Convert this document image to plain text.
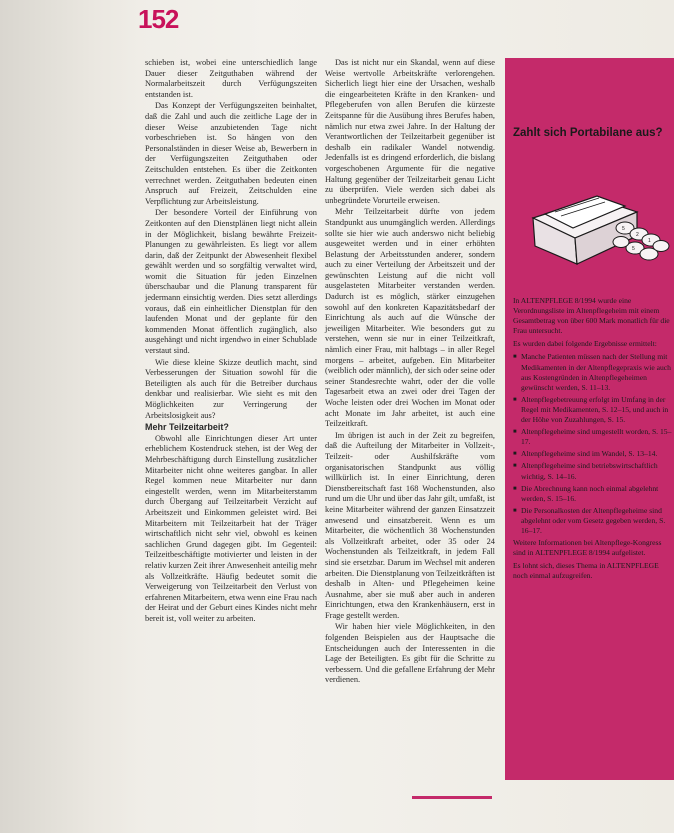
152

schieben ist, wobei eine unterschiedlich lange Dauer dieser Zeitguthaben während der Normalarbeitszeit durch Verfügungszeiten entstanden ist.

Das Konzept der Verfügungszeiten beinhaltet, daß die Zahl und auch die zeitliche Lage der in dieser Weise anzubietenden Tage nicht vorbeschrieben ist. So hängen von den Personalständen in dieser Weise ab, Bewerbern in der Verfügungszeiten Zeitguthaben oder Zeitschulden entstehen. Es über die Zeitkonten verrechnet werden. Zeitguthaben bedeuten einen Anspruch auf Freizeit, Zeitschulden eine Verpflichtung zur Arbeitsleistung.

Der besondere Vorteil der Einführung von Zeitkonten auf den Dienstplänen liegt nicht allein in der Möglichkeit, bislang bewährte Freizeit-Planungen zu gewährleisten. Es liegt vor allem darin, daß der Zeitpunkt der Abwesenheit flexibel gewählt werden und so sorgfältig verwaltet wird, womit die Situation für jeden Einzelnen überschaubar und die Planung transparent für jedermann einsichtig werden. Dies setzt allerdings voraus, daß ein einheitlicher Dienstplan für den laufenden Monat und der geplante für den kommenden Monat öffentlich zugänglich, also ausgehängt und nicht irgendwo in einer Schublade verstaut sind.

Wie diese kleine Skizze deutlich macht, sind Verbesserungen der Situation sowohl für die Beteiligten als auch für die Betreiber durchaus denkbar und realisierbar. Wie sieht es mit den Möglichkeiten zur Verringerung der Arbeitslosigkeit aus?

Mehr Teilzeitarbeit?

Obwohl alle Einrichtungen dieser Art unter erheblichem Kostendruck stehen, ist der Weg der Mehrbeschäftigung durch Einstellung zusätzlicher Mitarbeiter nicht ohne weiteres gangbar. In aller Regel kommen neue Mitarbeiter nur dann eingestellt werden, wenn im Mitarbeiterstamm durch Übergang auf Teilzeitarbeit Verzicht auf Arbeitszeit und Einkommen geleistet wird. Bei Mitarbeitern mit Teilzeitarbeit hat der Träger wirtschaftlich nicht sehr viel, obwohl es keinen sachlichen Grund dagegen gibt. Im Gegenteil: Teilzeitbeschäftigte motivierter und leisten in der relativ kurzen Zeit ihrer Anwesenheit anteilig mehr als Vollzeitkräfte. Häufig bedeutet somit die Verweigerung von Teilzeitarbeit den Verlust von erfahrenen Mitarbeitern, etwa wenn eine Frau nach der Heirat und der Geburt eines Kindes nicht mehr bereit ist, voll weiter zu arbeiten.

Das ist nicht nur ein Skandal, wenn auf diese Weise wertvolle Arbeitskräfte verlorengehen. Sicherlich liegt hier eine der Ursachen, weshalb die eingearbeiteten Kräfte in den Kranken- und Pflegeberufen von allen Berufen die kürzeste Zeitspanne für die Ausübung ihres Berufes haben, nämlich nur etwa zwei Jahre. In der Haltung der Verantwortlichen der Teilzeitarbeit gegenüber ist deshalb ein radikaler Wandel notwendig. Jedenfalls ist es dringend erforderlich, die bislang vorgeschobenen Argumente für die negative Haltung gegenüber der Teilzeitarbeit genau Licht zu überprüfen. Viele werden sich dabei als unbegründete Vorurteile erweisen.

Mehr Teilzeitarbeit dürfte von jedem Standpunkt aus unumgänglich werden. Allerdings sollte sie hier wie auch anderswo nicht beliebig ausgeweitet werden und in einer erhöhten Belastung der Arbeitsstunden anderer, sondern auch zu einer Verteilung der Arbeitszeit und der gewünschten Leistung auf die nicht voll ausgelasteten Mitarbeiter verstanden werden. Dadurch ist es möglich, stärker einzugehen sowohl auf den konkreten Kapazitätsbedarf der Einrichtung als auch auf die Wünsche der jeweiligen Mitarbeiter. Wie besonders gut zu verstehen, wenn sie nur in einer Teilzeitkraft, nämlich einer Frau, mit halbtags – in aller Regel morgens – arbeitet, aufgeben. Ein Mitarbeiter (weiblich oder männlich), der sich oder seine oder seiner Standesrechte wahrt, oder der die volle Tagesarbeit etwa an zwei oder drei Tagen der Woche leisten oder drei Wochen im Monat oder acht Monate im Jahr arbeitet, ist auch eine Teilzeitkraft.

Im übrigen ist auch in der Zeit zu begreifen, daß die Aufteilung der Mitarbeiter in Vollzeit-, Teilzeit- oder Aushilfskräfte vom organisatorischen Standpunkt aus völlig willkürlich ist. In einer Einrichtung, deren Dienstbereitschaft fast 168 Wochenstunden, also rund um die Uhr und über das Jahr gilt, umfaßt, ist keine Mitarbeiter während der ganzen Einsatzzeit anwesend und einsatzbereit. Wenn es um Mitarbeiter, die wöchentlich 38 Wochenstunden als Vollzeitkraft arbeitet, oder 35 oder 24 Wochenstunden als Teilzeitkraft, in jedem Fall sind sie ersetzbar. Darum im Wechsel mit anderen arbeiten. Die Dienstplanung von Teilzeitkräften ist deshalb in Alten- und Pflegeheimen keine Ausnahme, aber sie muß aber auch in anderen Einrichtungen, etwa den Krankenhäusern, erst in Frage gestellt werden.

Wir haben hier viele Möglichkeiten, in den folgenden Beispielen aus der Hauptsache die Entscheidungen auch der Interessenten in die Lage der Beteiligten. Es gibt für die Schritte zu verbessern. Und die gefallene Erfahrung der Mehr verdienen.

Zahlt sich Portabilane aus?
5
2
1
5

In ALTENPFLEGE 8/1994 wurde eine Verordnungsliste im Altenpflegeheim mit einem Gesamtbetrag von über 600 Mark monatlich für die Frau untersucht.

Es wurden dabei folgende Ergebnisse ermittelt:

■ Manche Patienten müssen nach der Stellung mit Medikamenten in der Altenpflegepraxis wie auch aus Kostengründen in Altenpflegeheimen gewünscht werden, S. 11–13.
■ Altenpflegebetreuung erfolgt im Umfang in der Regel mit Medikamenten, S. 12–15, und auch in der Höhe von Zuzahlungen, S. 15.
■ Altenpflegeheime sind umgestellt worden, S. 15–17.
■ Altenpflegeheime sind im Wandel, S. 13–14.
■ Altenpflegeheime sind betriebswirtschaftlich wichtig, S. 14–16.
■ Die Abrechnung kann noch einmal abgelehnt werden, S. 15–16.
■ Die Personalkosten der Altenpflegeheime sind abgelehnt oder vom Gesetz gegeben werden, S. 16–17.

Weitere Informationen bei Altenpflege-Kongress sind in ALTENPFLEGE 8/1994 aufgelistet.

Es lohnt sich, dieses Thema in ALTENPFLEGE noch einmal aufzugreifen.
